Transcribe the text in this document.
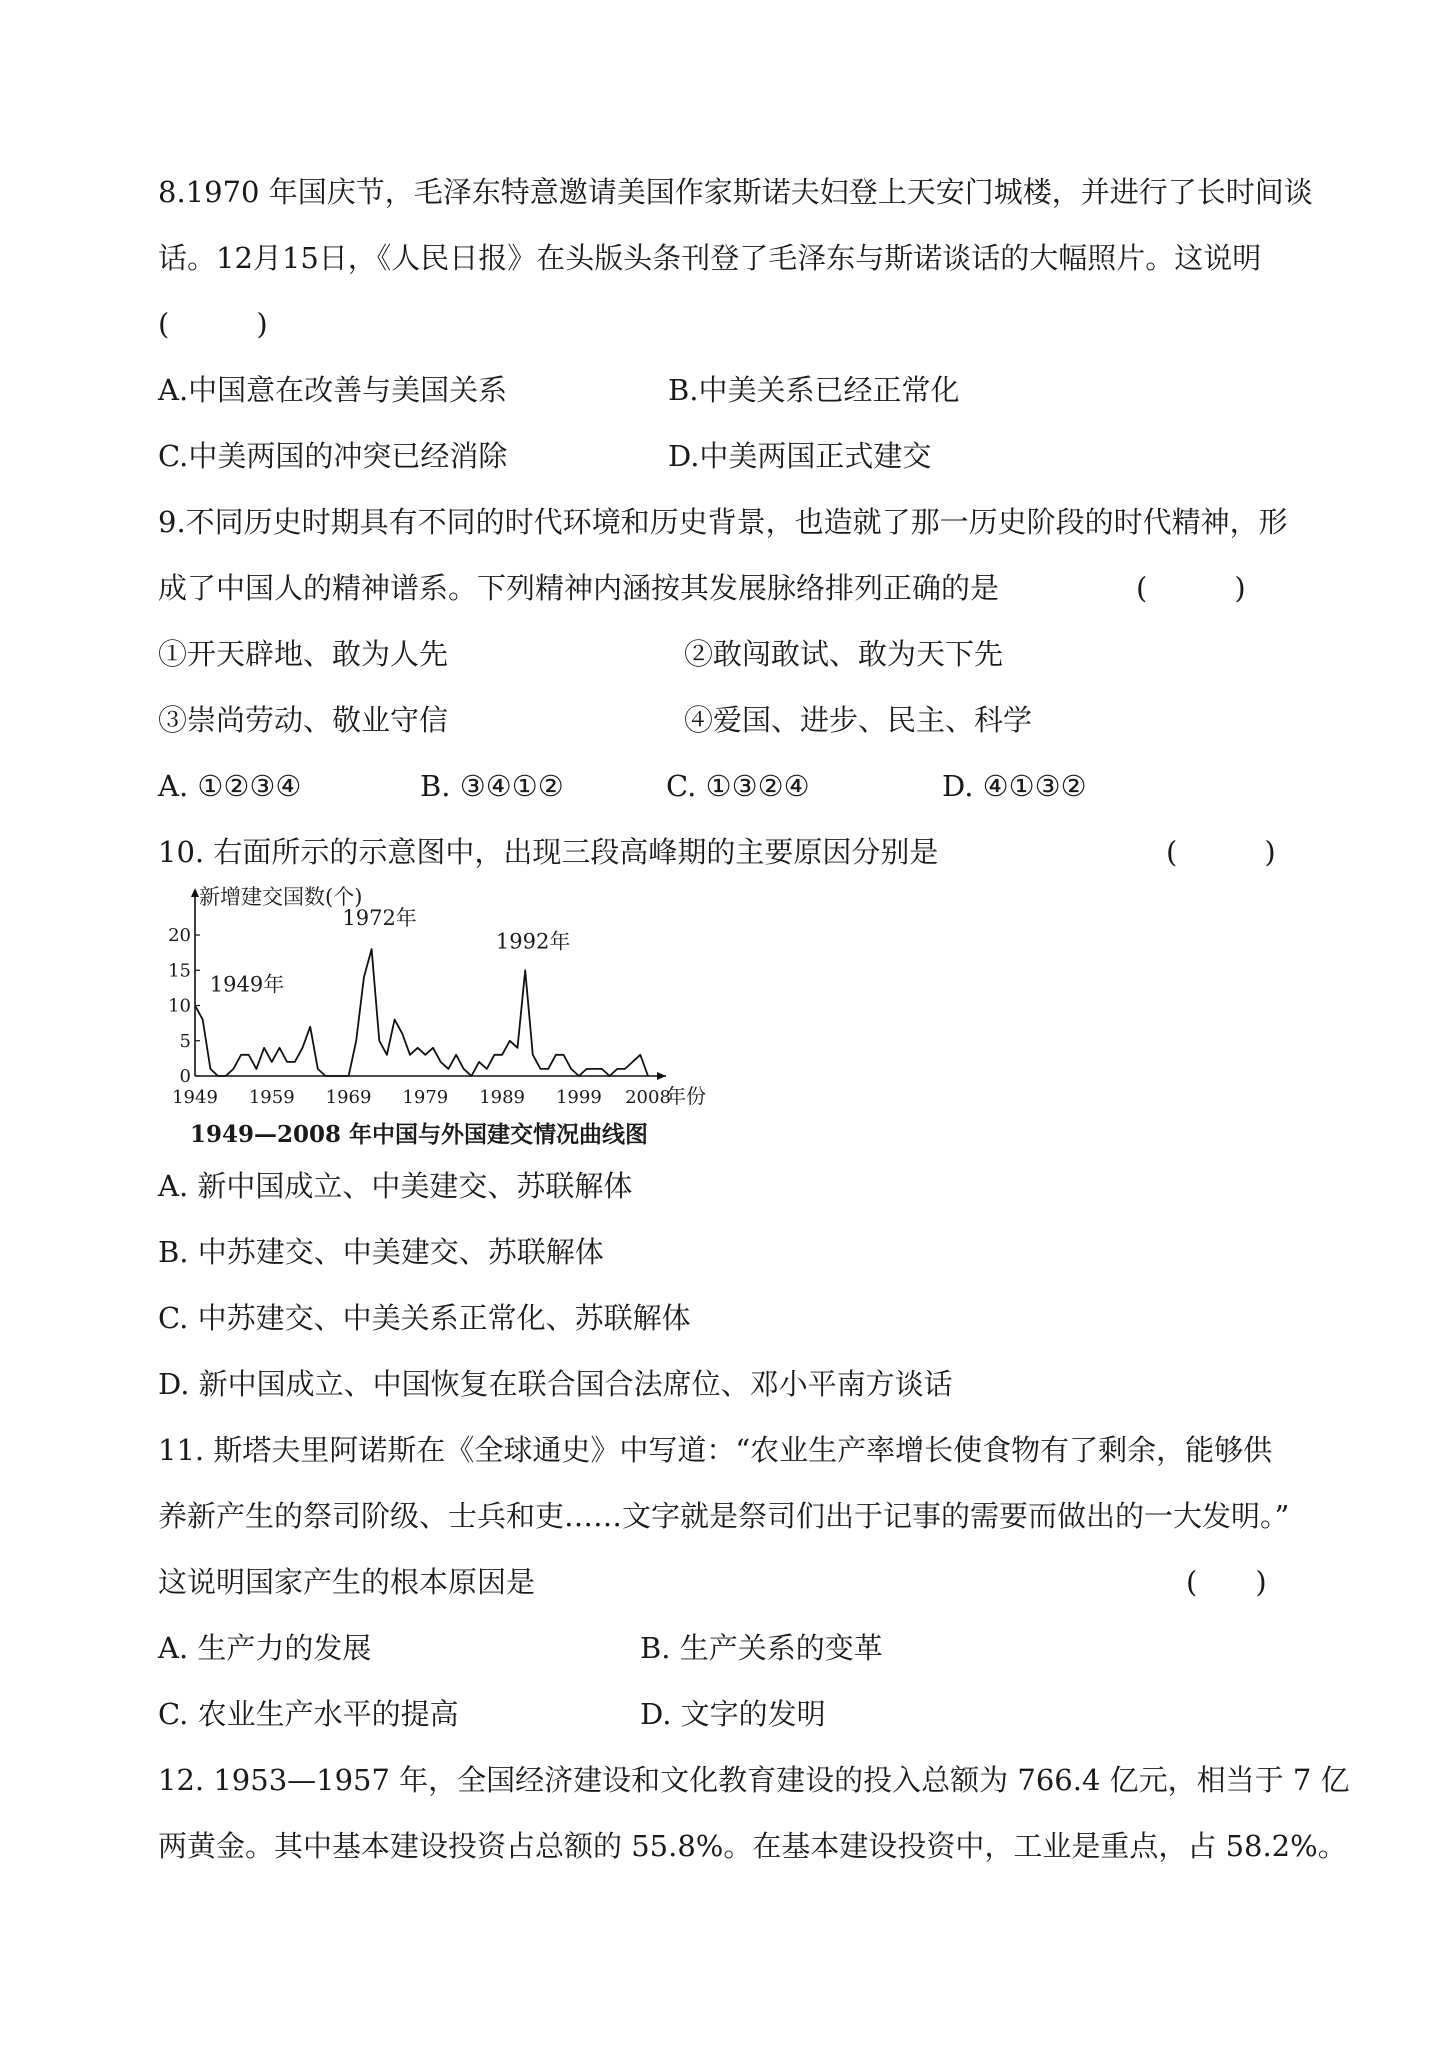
8.1970 年国庆节，毛泽东特意邀请美国作家斯诺夫妇登上天安门城楼，并进行了长时间谈
话。12月15日，《人民日报》在头版头条刊登了毛泽东与斯诺谈话的大幅照片。这说明
(　　　)
A.中国意在改善与美国关系	B.中美关系已经正常化
C.中美两国的冲突已经消除	D.中美两国正式建交
9.不同历史时期具有不同的时代环境和历史背景，也造就了那一历史阶段的时代精神，形
成了中国人的精神谱系。下列精神内涵按其发展脉络排列正确的是	(　　　)
①开天辟地、敢为人先	②敢闯敢试、敢为天下先
③崇尚劳动、敬业守信	④爱国、进步、民主、科学
A. ①②③④	B. ③④①②	C. ①③②④	D. ④①③②
10. 右面所示的示意图中，出现三段高峰期的主要原因分别是	(　　　)
20
15
10
5
0
1949 1959 1969 1979 1989 1999 2008
年份
新增建交国数(个)
1949年
1972年
1992年
1949—2008 年中国与外国建交情况曲线图
A. 新中国成立、中美建交、苏联解体
B. 中苏建交、中美建交、苏联解体
C. 中苏建交、中美关系正常化、苏联解体
D. 新中国成立、中国恢复在联合国合法席位、邓小平南方谈话
11. 斯塔夫里阿诺斯在《全球通史》中写道：“农业生产率增长使食物有了剩余，能够供
养新产生的祭司阶级、士兵和吏……文字就是祭司们出于记事的需要而做出的一大发明。”
这说明国家产生的根本原因是	(　　)
A. 生产力的发展	B. 生产关系的变革
C. 农业生产水平的提高	D. 文字的发明
12. 1953—1957 年，全国经济建设和文化教育建设的投入总额为 766.4 亿元，相当于 7 亿
两黄金。其中基本建设投资占总额的 55.8%。在基本建设投资中，工业是重点，占 58.2%。
